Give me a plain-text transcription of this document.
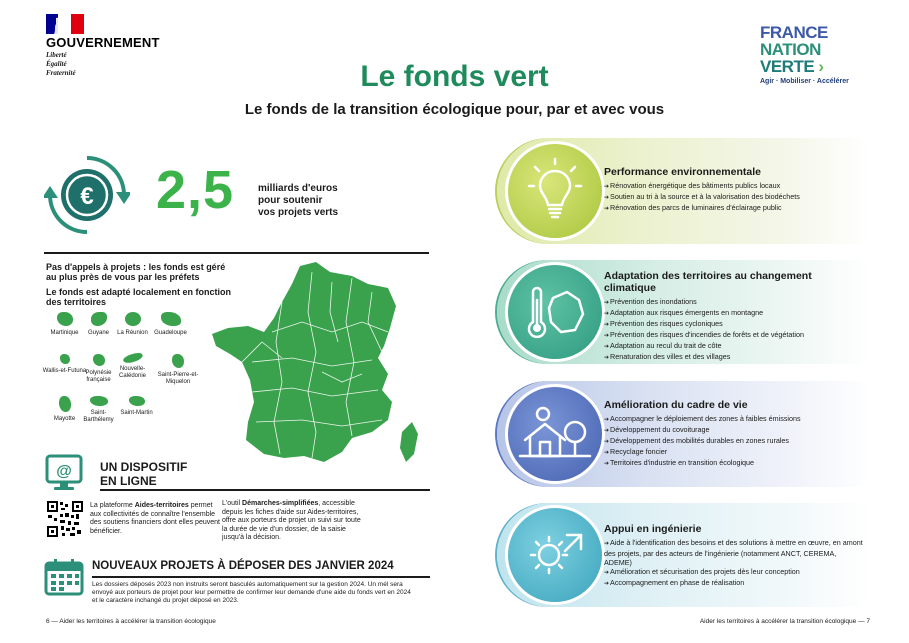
GOUVERNEMENT
Liberté
Égalité
Fraternité	Le fonds vert
Le fonds de la transition écologique pour, par et avec vous
FRANCE
NATION
VERTE ›
Agir · Mobiliser · Accélérer
€ 2,5 milliards d'euros
pour soutenir
vos projets verts

Pas d'appels à projets : les fonds est géré au plus près de vous par les préfets

Le fonds est adapté localement en fonction des territoires

Martinique	Guyane	La Réunion	Guadeloupe
Wallis-et-Futuna Polynésie française
Nouvelle-Calédonie	Saint-Pierre-et-Miquelon
Mayotte
Saint-Barthélemy
Saint-Martin
@ UN DISPOSITIF
EN LIGNE
La plateforme Aides-territoires permet aux collectivités de connaître l'ensemble des soutiens financiers dont elles peuvent bénéficier.
L'outil Démarches-simplifiées, accessible depuis les fiches d'aide sur Aides-territoires, offre aux porteurs de projet un suivi sur toute la durée de vie d'un dossier, de la saisie jusqu'à la décision.
NOUVEAUX PROJETS À DÉPOSER DES JANVIER 2024
Les dossiers déposés 2023 non instruits seront basculés automatiquement sur la gestion 2024. Un mél sera envoyé aux porteurs de projet pour leur permettre de confirmer leur demande d'une aide du fonds vert en 2024 et le caractère inchangé du projet déposé en 2023.
6 — Aider les territoires à accélérer la transition écologique	Aider les territoires à accélérer la transition écologique — 7
Performance environnementale
➔Rénovation énergétique des bâtiments publics locaux
➔Soutien au tri à la source et à la valorisation des biodéchets
➔Rénovation des parcs de luminaires d'éclairage public
Adaptation des territoires au changement climatique
➔Prévention des inondations
➔Adaptation aux risques émergents en montagne
➔Prévention des risques cycloniques
➔Prévention des risques d'incendies de forêts et de végétation
➔Adaptation au recul du trait de côte
➔Renaturation des villes et des villages
Amélioration du cadre de vie
➔Accompagner le déploiement des zones à faibles émissions
➔Développement du covoiturage
➔Développement des mobilités durables en zones rurales
➔Recyclage foncier
➔Territoires d'industrie en transition écologique
Appui en ingénierie
➔Aide à l'identification des besoins et des solutions à mettre en œuvre, en amont des projets, par des acteurs de l'ingénierie (notamment ANCT, CEREMA, ADEME)
➔Amélioration et sécurisation des projets dès leur conception
➔Accompagnement en phase de réalisation
